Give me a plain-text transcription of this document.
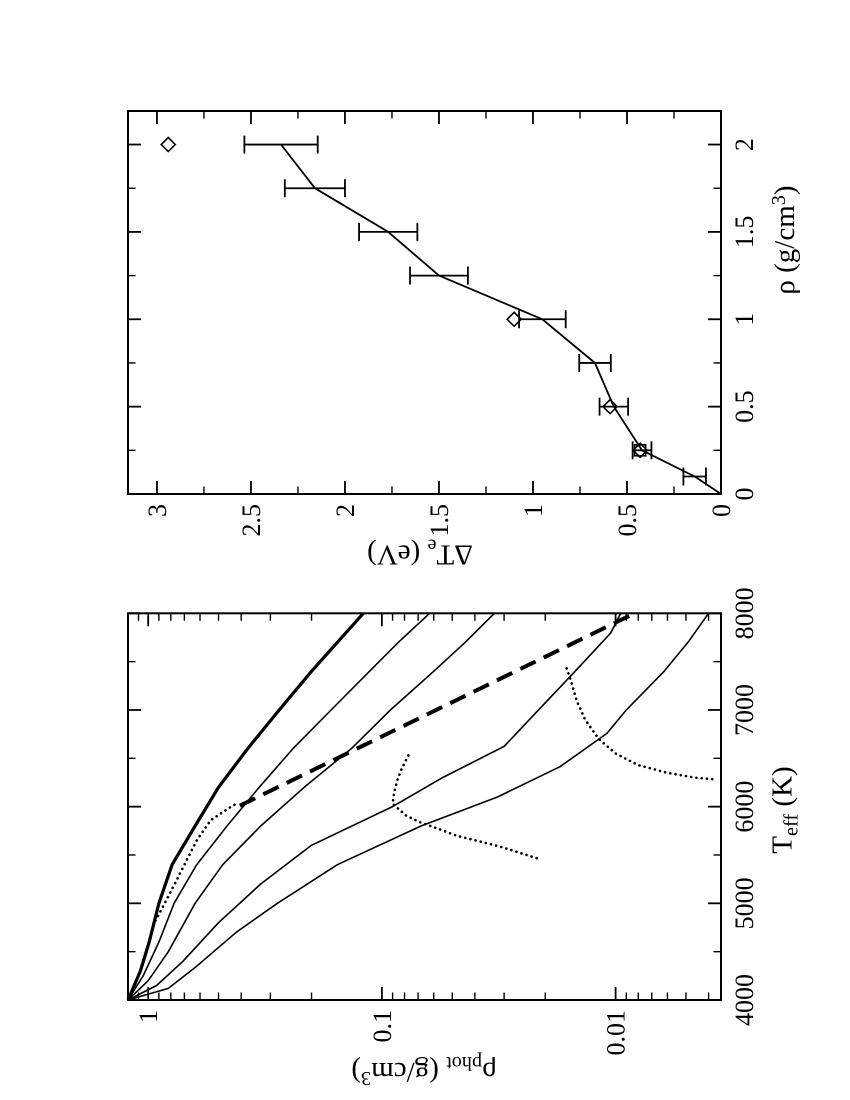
4000
5000
6000
7000
8000
1	0.1	0.01
0
0.5
1
1.5
2
0
0.5
1
1.5
2
2.5
3
$T_{eff}$ (K)
$\rho_{phot}$ $(g/cm^3)$
ρ $(g/cm^3)$
$\Delta T_e$ (eV)
